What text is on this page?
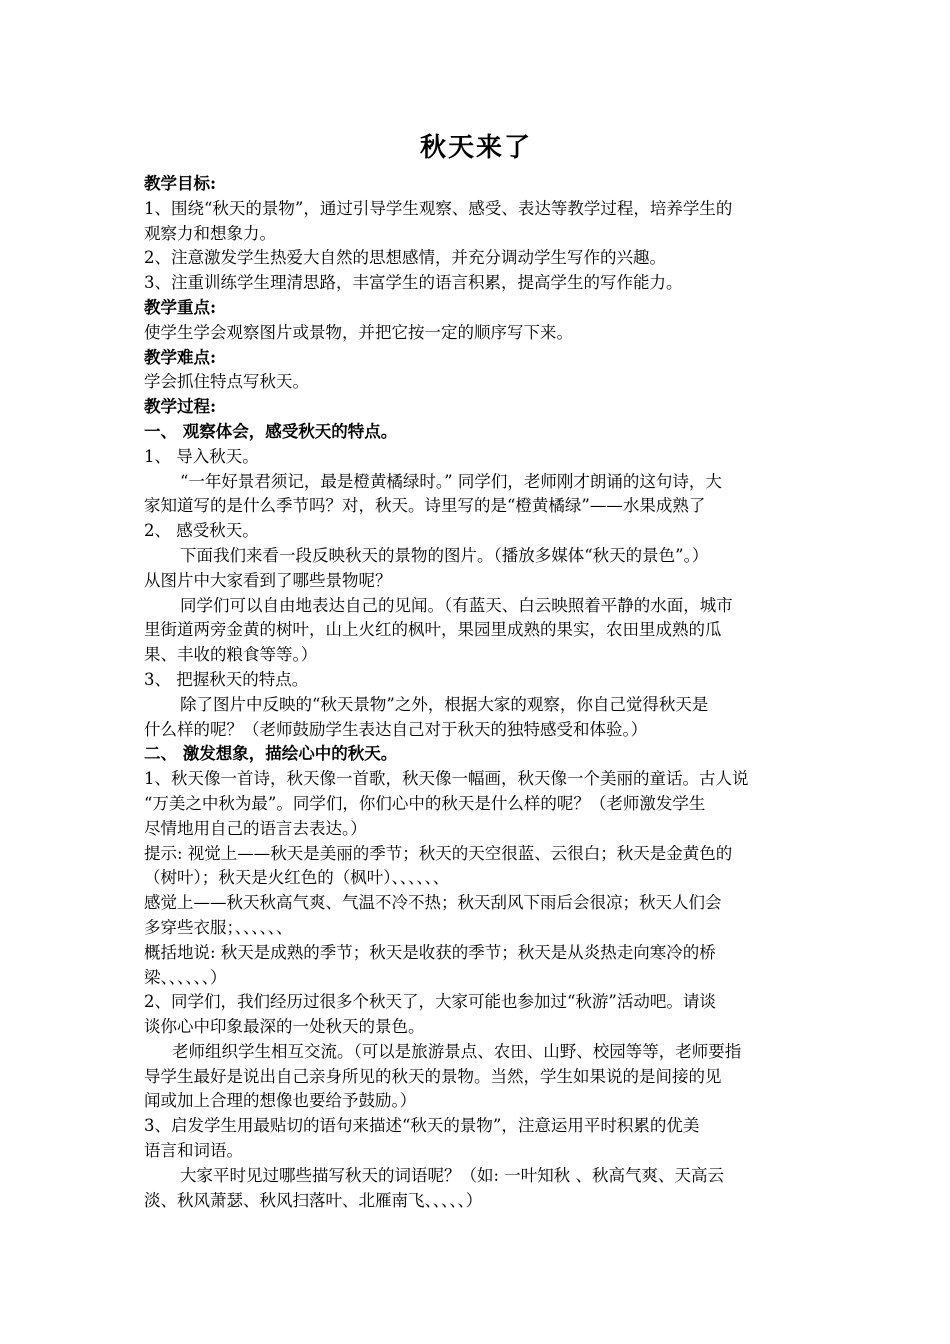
秋天来了

教学目标:

1、围绕“秋天的景物”，通过引导学生观察、感受、表达等教学过程，培养学生的

观察力和想象力。

2、注意激发学生热爱大自然的思想感情，并充分调动学生写作的兴趣。

3、注重训练学生理清思路，丰富学生的语言积累，提高学生的写作能力。

教学重点:

使学生学会观察图片或景物，并把它按一定的顺序写下来。

教学难点:

学会抓住特点写秋天。

教学过程:

一、 观察体会，感受秋天的特点。

1、 导入秋天。

“一年好景君须记，最是橙黄橘绿时。” 同学们，老师刚才朗诵的这句诗，大

家知道写的是什么季节吗？对，秋天。诗里写的是“橙黄橘绿”——水果成熟了

2、 感受秋天。

下面我们来看一段反映秋天的景物的图片。（播放多媒体“秋天的景色”。）

从图片中大家看到了哪些景物呢？

同学们可以自由地表达自己的见闻。（有蓝天、白云映照着平静的水面，城市

里街道两旁金黄的树叶，山上火红的枫叶，果园里成熟的果实，农田里成熟的瓜

果、丰收的粮食等等。）

3、 把握秋天的特点。

除了图片中反映的“秋天景物”之外，根据大家的观察，你自己觉得秋天是

什么样的呢？（老师鼓励学生表达自己对于秋天的独特感受和体验。）

二、 激发想象，描绘心中的秋天。

1、秋天像一首诗，秋天像一首歌，秋天像一幅画，秋天像一个美丽的童话。古人说

“万美之中秋为最”。同学们，你们心中的秋天是什么样的呢？（老师激发学生

尽情地用自己的语言去表达。）

提示: 视觉上——秋天是美丽的季节；秋天的天空很蓝、云很白；秋天是金黄色的

（树叶）；秋天是火红色的（枫叶）、、、、、、

感觉上——秋天秋高气爽、气温不冷不热；秋天刮风下雨后会很凉；秋天人们会

多穿些衣服；、、、、、、

概括地说: 秋天是成熟的季节；秋天是收获的季节；秋天是从炎热走向寒冷的桥

梁、、、、、、）

2、同学们，我们经历过很多个秋天了，大家可能也参加过“秋游”活动吧。请谈

谈你心中印象最深的一处秋天的景色。

老师组织学生相互交流。（可以是旅游景点、农田、山野、校园等等，老师要指

导学生最好是说出自己亲身所见的秋天的景物。当然，学生如果说的是间接的见

闻或加上合理的想像也要给予鼓励。）

3、启发学生用最贴切的语句来描述“秋天的景物”，注意运用平时积累的优美

语言和词语。

大家平时见过哪些描写秋天的词语呢？（如: 一叶知秋 、秋高气爽、天高云

淡、秋风萧瑟、秋风扫落叶、北雁南飞、、、、、）
